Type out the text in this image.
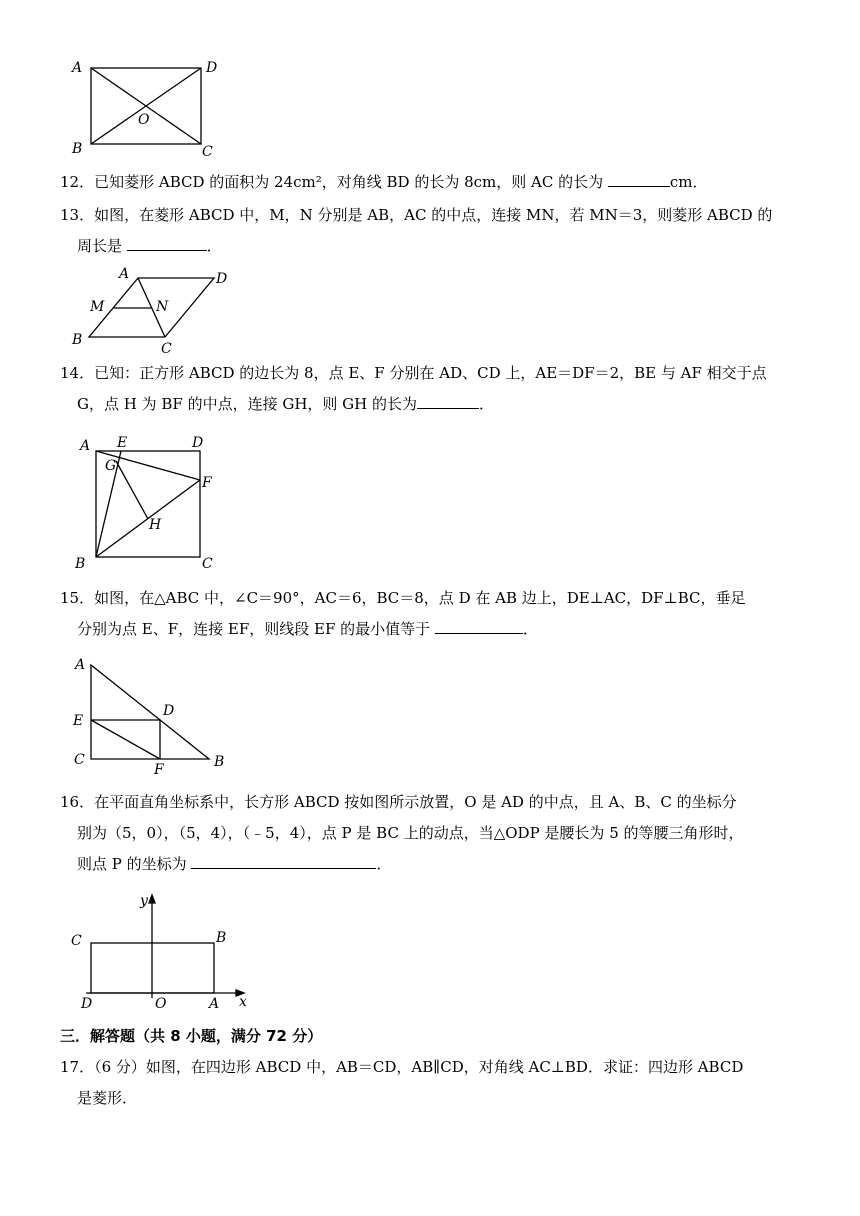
A	D
O
B	C
12．已知菱形 ABCD 的面积为 24cm²，对角线 BD 的长为 8cm，则 AC 的长为	cm．
13．如图，在菱形 ABCD 中，M，N 分别是 AB，AC 的中点，连接 MN，若 MN＝3，则菱形 ABCD 的
周长是	．
A	D
M	N
B
C
14．已知：正方形 ABCD 的边长为 8，点 E、F 分别在 AD、CD 上，AE＝DF＝2，BE 与 AF 相交于点
G，点 H 为 BF 的中点，连接 GH，则 GH 的长为	．
A E	D
G
F
H
B	C
15．如图，在△ABC 中，∠C＝90°，AC＝6，BC＝8，点 D 在 AB 边上，DE⊥AC，DF⊥BC，垂足
分别为点 E、F，连接 EF，则线段 EF 的最小值等于	．
A
D
E
C
F	B
16．在平面直角坐标系中，长方形 ABCD 按如图所示放置，O 是 AD 的中点，且 A、B、C 的坐标分
别为（5，0），（5，4），（﹣5，4），点 P 是 BC 上的动点，当△ODP 是腰长为 5 的等腰三角形时，
则点 P 的坐标为	．
y
C	B
D	O	A x
三．解答题（共 8 小题，满分 72 分）
17．（6 分）如图，在四边形 ABCD 中，AB＝CD，AB∥CD，对角线 AC⊥BD．求证：四边形 ABCD
是菱形．
